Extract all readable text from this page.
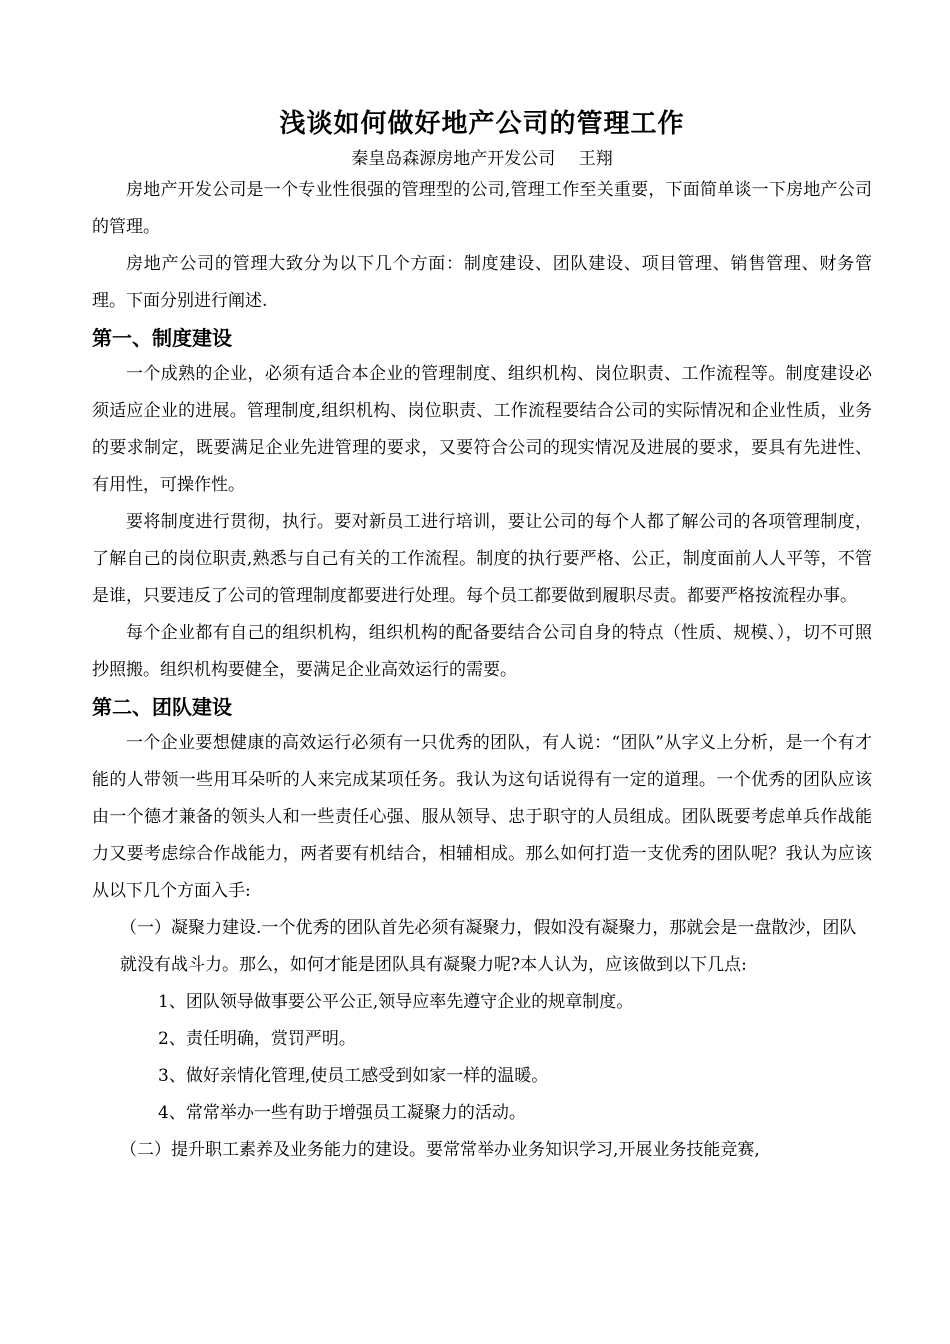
浅谈如何做好地产公司的管理工作

秦皇岛森源房地产开发公司 王翔

房地产开发公司是一个专业性很强的管理型的公司,管理工作至关重要，下面简单谈一下房地产公司的管理。

房地产公司的管理大致分为以下几个方面：制度建设、团队建设、项目管理、销售管理、财务管理。下面分别进行阐述.

第一、制度建设

一个成熟的企业，必须有适合本企业的管理制度、组织机构、岗位职责、工作流程等。制度建设必须适应企业的进展。管理制度,组织机构、岗位职责、工作流程要结合公司的实际情况和企业性质，业务的要求制定，既要满足企业先进管理的要求，又要符合公司的现实情况及进展的要求，要具有先进性、有用性，可操作性。

要将制度进行贯彻，执行。要对新员工进行培训，要让公司的每个人都了解公司的各项管理制度，了解自己的岗位职责,熟悉与自己有关的工作流程。制度的执行要严格、公正，制度面前人人平等，不管是谁，只要违反了公司的管理制度都要进行处理。每个员工都要做到履职尽责。都要严格按流程办事。

每个企业都有自己的组织机构，组织机构的配备要结合公司自身的特点（性质、规模、），切不可照抄照搬。组织机构要健全，要满足企业高效运行的需要。

第二、团队建设

一个企业要想健康的高效运行必须有一只优秀的团队，有人说：“团队”从字义上分析，是一个有才能的人带领一些用耳朵听的人来完成某项任务。我认为这句话说得有一定的道理。一个优秀的团队应该由一个德才兼备的领头人和一些责任心强、服从领导、忠于职守的人员组成。团队既要考虑单兵作战能力又要考虑综合作战能力，两者要有机结合，相辅相成。那么如何打造一支优秀的团队呢？我认为应该从以下几个方面入手:

（一）凝聚力建设.一个优秀的团队首先必须有凝聚力，假如没有凝聚力，那就会是一盘散沙，团队就没有战斗力。那么，如何才能是团队具有凝聚力呢?本人认为，应该做到以下几点:

1、团队领导做事要公平公正,领导应率先遵守企业的规章制度。
2、责任明确，赏罚严明。
3、做好亲情化管理,使员工感受到如家一样的温暖。
4、常常举办一些有助于增强员工凝聚力的活动。

（二）提升职工素养及业务能力的建设。要常常举办业务知识学习,开展业务技能竞赛,
